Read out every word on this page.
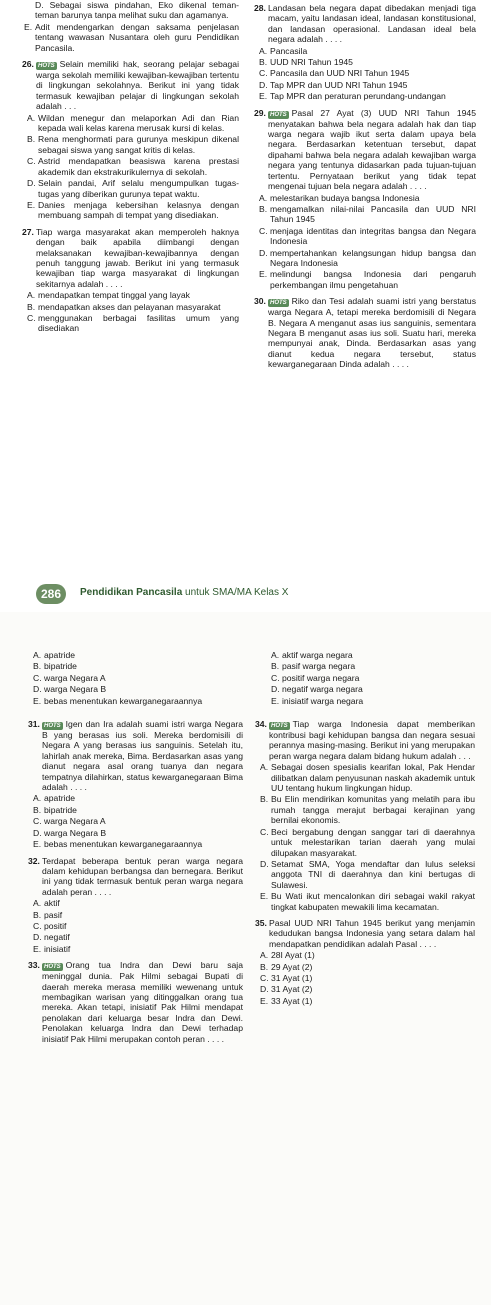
D. Sebagai siswa pindahan, Eko dikenal teman-teman barunya tanpa melihat suku dan agamanya.

E. Adit mendengarkan dengan saksama penjelasan tentang wawasan Nusantara oleh guru Pendidikan Pancasila.

26. HOTS Selain memiliki hak, seorang pelajar sebagai warga sekolah memiliki kewajiban-kewajiban tertentu di lingkungan sekolahnya. Berikut ini yang tidak termasuk kewajiban pelajar di lingkungan sekolah adalah . . .

A. Wildan menegur dan melaporkan Adi dan Rian kepada wali kelas karena merusak kursi di kelas.

B. Rena menghormati para gurunya meskipun dikenal sebagai siswa yang sangat kritis di kelas.

C. Astrid mendapatkan beasiswa karena prestasi akademik dan ekstrakurikulernya di sekolah.

D. Selain pandai, Arif selalu mengumpulkan tugas-tugas yang diberikan gurunya tepat waktu.

E. Danies menjaga kebersihan kelasnya dengan membuang sampah di tempat yang disediakan.

27. Tiap warga masyarakat akan memperoleh haknya dengan baik apabila diimbangi dengan melaksanakan kewajiban-kewajibannya dengan penuh tanggung jawab. Berikut ini yang termasuk kewajiban tiap warga masyarakat di lingkungan sekitarnya adalah . . . .

A. mendapatkan tempat tinggal yang layak

B. mendapatkan akses dan pelayanan masyarakat

C. menggunakan berbagai fasilitas umum yang disediakan

28. Landasan bela negara dapat dibedakan menjadi tiga macam, yaitu landasan ideal, landasan konstitusional, dan landasan operasional. Landasan ideal bela negara adalah . . . .

A. Pancasila

B. UUD NRI Tahun 1945

C. Pancasila dan UUD NRI Tahun 1945

D. Tap MPR dan UUD NRI Tahun 1945

E. Tap MPR dan peraturan perundang-undangan

29. HOTS Pasal 27 Ayat (3) UUD NRI Tahun 1945 menyatakan bahwa bela negara adalah hak dan tiap warga negara wajib ikut serta dalam upaya bela negara. Berdasarkan ketentuan tersebut, dapat dipahami bahwa bela negara adalah kewajiban warga negara yang tentunya didasarkan pada tujuan-tujuan tertentu. Pernyataan berikut yang tidak tepat mengenai tujuan bela negara adalah . . . .

A. melestarikan budaya bangsa Indonesia

B. mengamalkan nilai-nilai Pancasila dan UUD NRI Tahun 1945

C. menjaga identitas dan integritas bangsa dan Negara Indonesia

D. mempertahankan kelangsungan hidup bangsa dan Negara Indonesia

E. melindungi bangsa Indonesia dari pengaruh perkembangan ilmu pengetahuan

30. HOTS Riko dan Tesi adalah suami istri yang berstatus warga Negara A, tetapi mereka berdomisili di Negara B. Negara A menganut asas ius sanguinis, sementara Negara B menganut asas ius soli. Suatu hari, mereka mempunyai anak, Dinda. Berdasarkan asas yang dianut kedua negara tersebut, status kewarganegaraan Dinda adalah . . . .

286	Pendidikan Pancasila untuk SMA/MA Kelas X

A. apatride

B. bipatride

C. warga Negara A

D. warga Negara B

E. bebas menentukan kewarganegaraannya

31. HOTS Igen dan Ira adalah suami istri warga Negara B yang berasas ius soli. Mereka berdomisili di Negara A yang berasas ius sanguinis. Setelah itu, lahirlah anak mereka, Bima. Berdasarkan asas yang dianut negara asal orang tuanya dan negara tempatnya dilahirkan, status kewarganegaraan Bima adalah . . . .

A. apatride

B. bipatride

C. warga Negara A

D. warga Negara B

E. bebas menentukan kewarganegaraannya

32. Terdapat beberapa bentuk peran warga negara dalam kehidupan berbangsa dan bernegara. Berikut ini yang tidak termasuk bentuk peran warga negara adalah peran . . . .

A. aktif

B. pasif

C. positif

D. negatif

E. inisiatif

33. HOTS Orang tua Indra dan Dewi baru saja meninggal dunia. Pak Hilmi sebagai Bupati di daerah mereka merasa memiliki wewenang untuk membagikan warisan yang ditinggalkan orang tua mereka. Akan tetapi, inisiatif Pak Hilmi mendapat penolakan dari keluarga besar Indra dan Dewi. Penolakan keluarga Indra dan Dewi terhadap inisiatif Pak Hilmi merupakan contoh peran . . . .

A. aktif warga negara

B. pasif warga negara

C. positif warga negara

D. negatif warga negara

E. inisiatif warga negara

34. HOTS Tiap warga Indonesia dapat memberikan kontribusi bagi kehidupan bangsa dan negara sesuai perannya masing-masing. Berikut ini yang merupakan peran warga negara dalam bidang hukum adalah . . .

A. Sebagai dosen spesialis kearifan lokal, Pak Hendar dilibatkan dalam penyusunan naskah akademik untuk UU tentang hukum lingkungan hidup.

B. Bu Elin mendirikan komunitas yang melatih para ibu rumah tangga merajut berbagai kerajinan yang bernilai ekonomis.

C. Beci bergabung dengan sanggar tari di daerahnya untuk melestarikan tarian daerah yang mulai dilupakan masyarakat.

D. Setamat SMA, Yoga mendaftar dan lulus seleksi anggota TNI di daerahnya dan kini bertugas di Sulawesi.

E. Bu Wati ikut mencalonkan diri sebagai wakil rakyat tingkat kabupaten mewakili lima kecamatan.

35. Pasal UUD NRI Tahun 1945 berikut yang menjamin kedudukan bangsa Indonesia yang setara dalam hal mendapatkan pendidikan adalah Pasal . . . .

A. 28I Ayat (1)

B. 29 Ayat (2)

C. 31 Ayat (1)

D. 31 Ayat (2)

E. 33 Ayat (1)
